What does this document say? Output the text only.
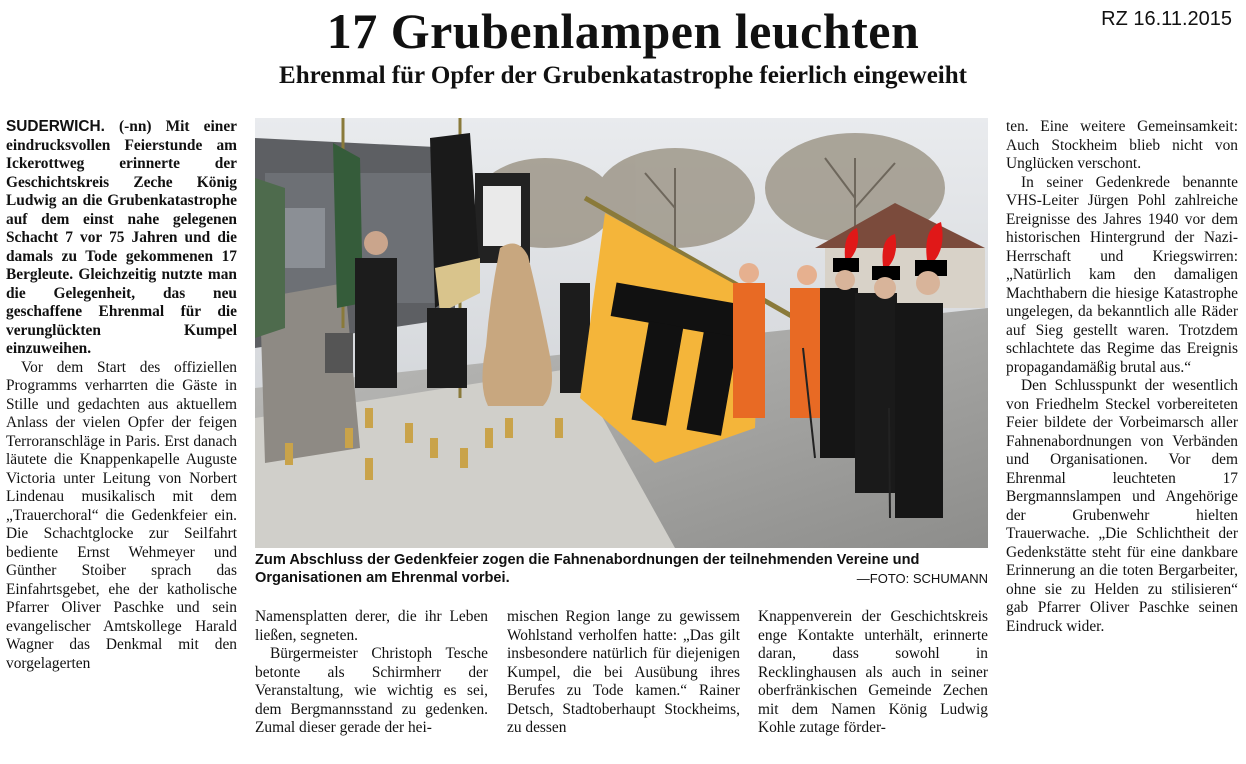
17 Grubenlampen leuchten	RZ 16.11.2015
Ehrenmal für Opfer der Grubenkatastrophe feierlich eingeweiht

SUDERWICH. (-nn) Mit einer eindrucksvollen Feierstunde am Ickerottweg erinnerte der Geschichtskreis Zeche König Ludwig an die Grubenkatastrophe auf dem einst nahe gelegenen Schacht 7 vor 75 Jahren und die damals zu Tode gekommenen 17 Bergleute. Gleichzeitig nutzte man die Gelegenheit, das neu geschaffene Ehrenmal für die verunglückten Kumpel einzuweihen.

Vor dem Start des offiziellen Programms verharrten die Gäste in Stille und gedachten aus aktuellem Anlass der vielen Opfer der feigen Terroranschläge in Paris. Erst danach läutete die Knappenkapelle Auguste Victoria unter Leitung von Norbert Lindenau musikalisch mit dem „Trauerchoral“ die Gedenkfeier ein. Die Schachtglocke zur Seilfahrt bediente Ernst Wehmeyer und Günther Stoiber sprach das Einfahrtsgebet, ehe der katholische Pfarrer Oliver Paschke und sein evangelischer Amtskollege Harald Wagner das Denkmal mit den vorgelagerten

Zum Abschluss der Gedenkfeier zogen die Fahnenabordnungen der teilnehmenden Vereine und Organisationen am Ehrenmal vorbei.	—FOTO: SCHUMANN

Namensplatten derer, die ihr Leben ließen, segneten.

Bürgermeister Christoph Tesche betonte als Schirmherr der Veranstaltung, wie wichtig es sei, dem Bergmannsstand zu gedenken. Zumal dieser gerade der hei-

mischen Region lange zu gewissem Wohlstand verholfen hatte: „Das gilt insbesondere natürlich für diejenigen Kumpel, die bei Ausübung ihres Berufes zu Tode kamen.“ Rainer Detsch, Stadtoberhaupt Stockheims, zu dessen

Knappenverein der Geschichtskreis enge Kontakte unterhält, erinnerte daran, dass sowohl in Recklinghausen als auch in seiner oberfränkischen Gemeinde Zechen mit dem Namen König Ludwig Kohle zutage förder-

ten. Eine weitere Gemeinsamkeit: Auch Stockheim blieb nicht von Unglücken verschont.

In seiner Gedenkrede benannte VHS-Leiter Jürgen Pohl zahlreiche Ereignisse des Jahres 1940 vor dem historischen Hintergrund der Nazi-Herrschaft und Kriegswirren: „Natürlich kam den damaligen Machthabern die hiesige Katastrophe ungelegen, da bekanntlich alle Räder auf Sieg gestellt waren. Trotzdem schlachtete das Regime das Ereignis propagandamäßig brutal aus.“

Den Schlusspunkt der wesentlich von Friedhelm Steckel vorbereiteten Feier bildete der Vorbeimarsch aller Fahnenabordnungen von Verbänden und Organisationen. Vor dem Ehrenmal leuchteten 17 Bergmannslampen und Angehörige der Grubenwehr hielten Trauerwache. „Die Schlichtheit der Gedenkstätte steht für eine dankbare Erinnerung an die toten Bergarbeiter, ohne sie zu Helden zu stilisieren“ gab Pfarrer Oliver Paschke seinen Eindruck wider.
